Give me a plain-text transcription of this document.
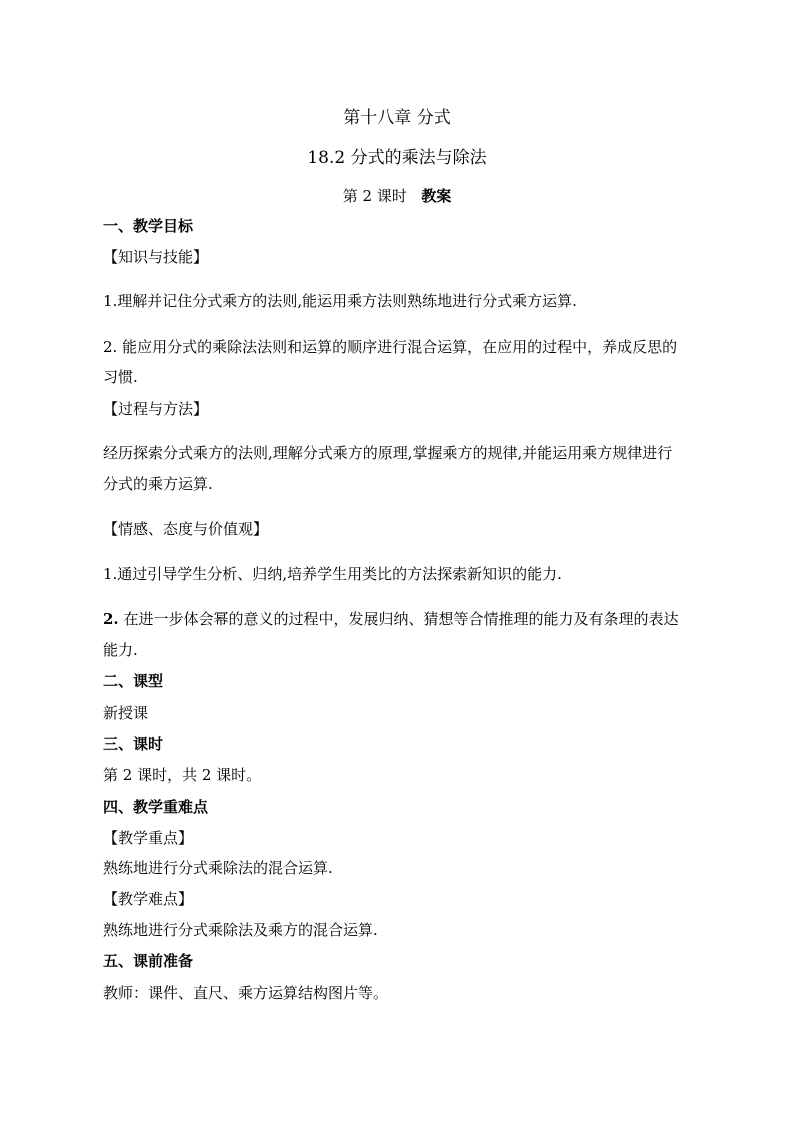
第十八章 分式
18.2 分式的乘法与除法
第 2 课时 教案
一、教学目标
【知识与技能】
1.理解并记住分式乘方的法则,能运用乘方法则熟练地进行分式乘方运算.
2. 能应用分式的乘除法法则和运算的顺序进行混合运算，在应用的过程中，养成反思的
习惯.
【过程与方法】
经历探索分式乘方的法则,理解分式乘方的原理,掌握乘方的规律,并能运用乘方规律进行
分式的乘方运算.
【情感、态度与价值观】
1.通过引导学生分析、归纳,培养学生用类比的方法探索新知识的能力.
2. 在进一步体会幂的意义的过程中，发展归纳、猜想等合情推理的能力及有条理的表达
能力.
二、课型
新授课
三、课时
第 2 课时，共 2 课时。
四、教学重难点
【教学重点】
熟练地进行分式乘除法的混合运算.
【教学难点】
熟练地进行分式乘除法及乘方的混合运算.
五、课前准备
教师：课件、直尺、乘方运算结构图片等。
